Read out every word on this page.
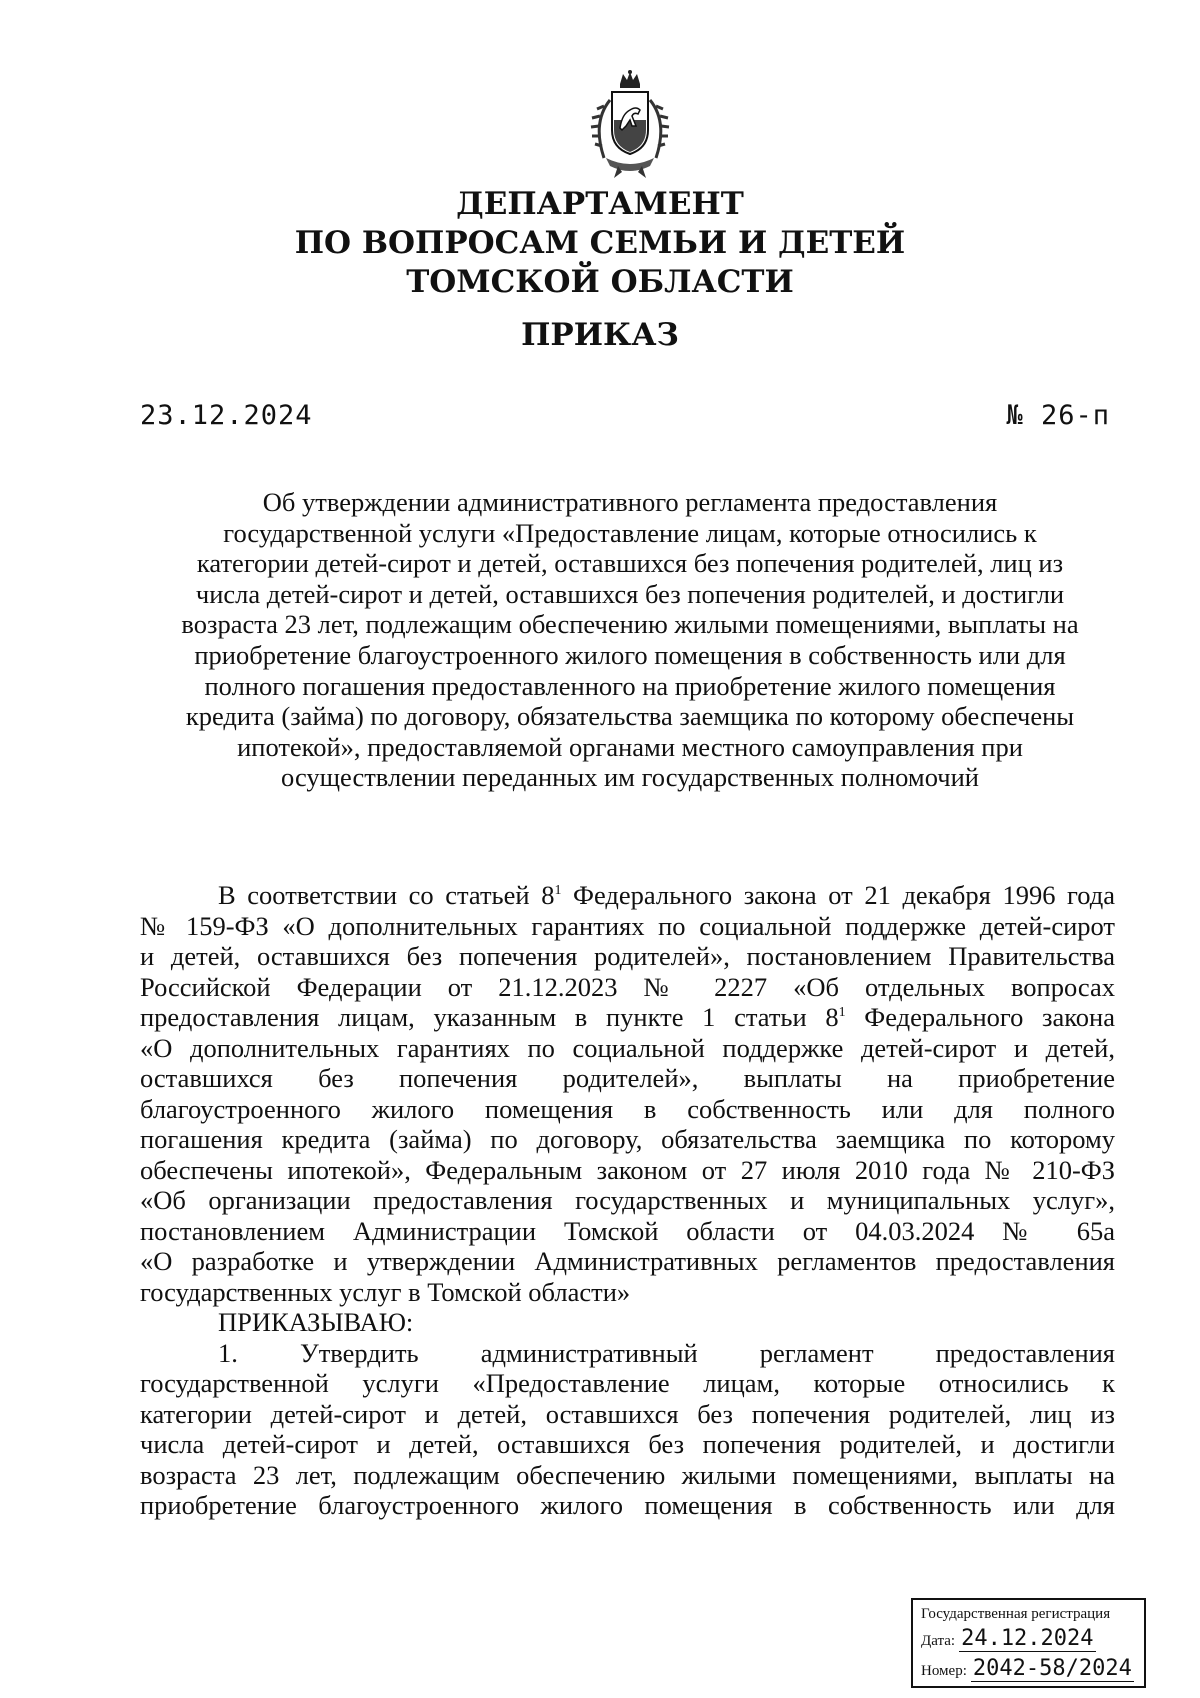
ДЕПАРТАМЕНТ
ПО ВОПРОСАМ СЕМЬИ И ДЕТЕЙ
ТОМСКОЙ ОБЛАСТИ
ПРИКАЗ
23.12.2024	№ 26-п
Об утверждении административного регламента предоставления
государственной услуги «Предоставление лицам, которые относились к
категории детей-сирот и детей, оставшихся без попечения родителей, лиц из
числа детей-сирот и детей, оставшихся без попечения родителей, и достигли
возраста 23 лет, подлежащим обеспечению жилыми помещениями, выплаты на
приобретение благоустроенного жилого помещения в собственность или для
полного погашения предоставленного на приобретение жилого помещения
кредита (займа) по договору, обязательства заемщика по которому обеспечены
ипотекой», предоставляемой органами местного самоуправления при
осуществлении переданных им государственных полномочий
В соответствии со статьей $8^1$ Федерального закона от 21 декабря 1996 года
№ 159-ФЗ «О дополнительных гарантиях по социальной поддержке детей-сирот
и детей, оставшихся без попечения родителей», постановлением Правительства
Российской Федерации от 21.12.2023 № 2227 «Об отдельных вопросах
предоставления лицам, указанным в пункте 1 статьи $8^1$ Федерального закона
«О дополнительных гарантиях по социальной поддержке детей-сирот и детей,
оставшихся без попечения родителей», выплаты на приобретение
благоустроенного жилого помещения в собственность или для полного
погашения кредита (займа) по договору, обязательства заемщика по которому
обеспечены ипотекой», Федеральным законом от 27 июля 2010 года № 210-ФЗ
«Об организации предоставления государственных и муниципальных услуг»,
постановлением Администрации Томской области от 04.03.2024 № 65а
«О разработке и утверждении Административных регламентов предоставления
государственных услуг в Томской области»
ПРИКАЗЫВАЮ:
1. Утвердить административный регламент предоставления
государственной услуги «Предоставление лицам, которые относились к
категории детей-сирот и детей, оставшихся без попечения родителей, лиц из
числа детей-сирот и детей, оставшихся без попечения родителей, и достигли
возраста 23 лет, подлежащим обеспечению жилыми помещениями, выплаты на
приобретение благоустроенного жилого помещения в собственность или для
Государственная регистрация
Дата: 24.12.2024
Номер: 2042-58/2024
